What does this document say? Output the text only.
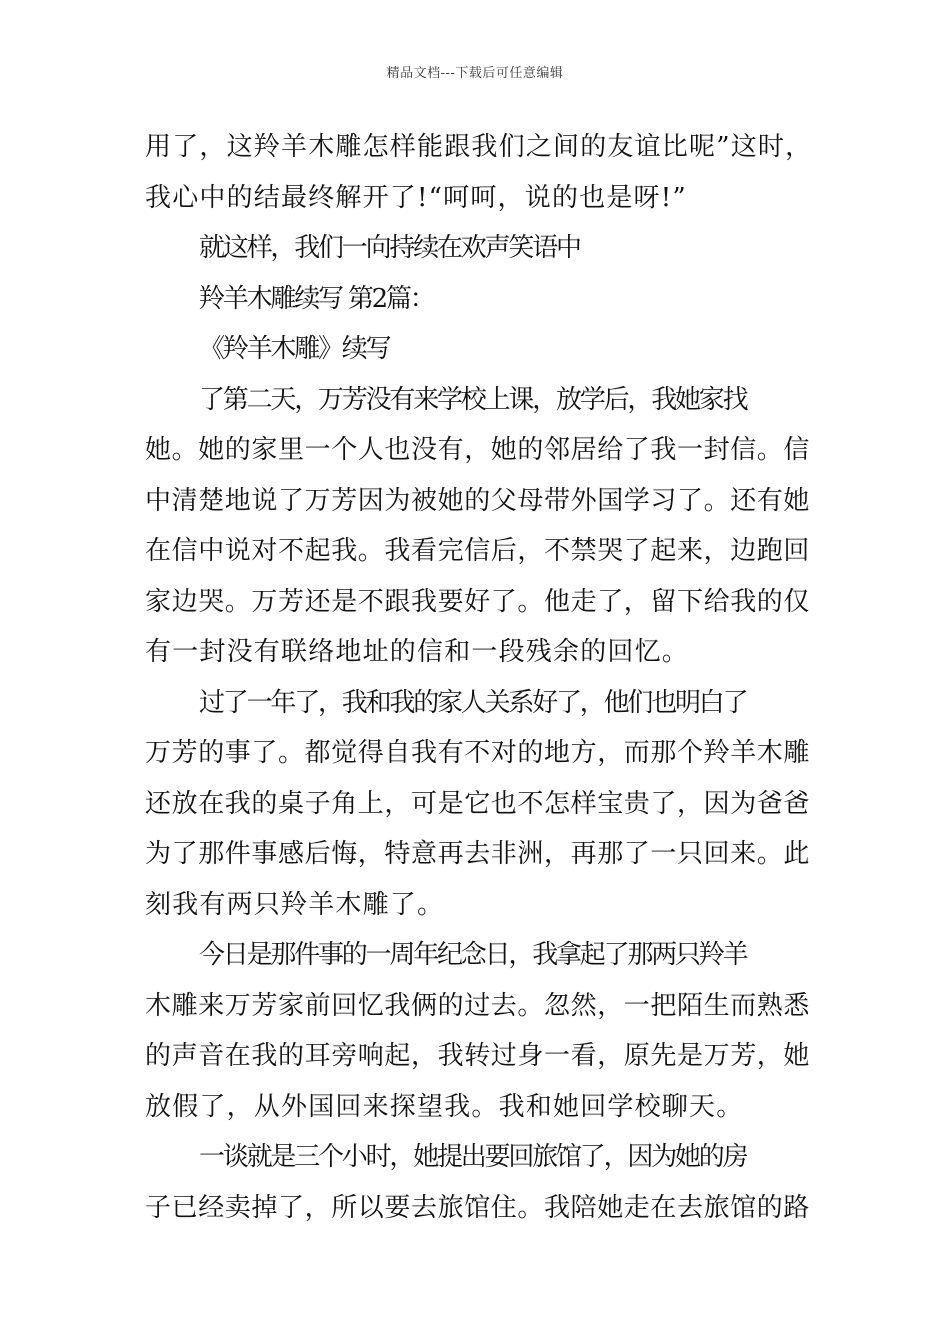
精品文档---下载后可任意编辑
用了，这羚羊木雕怎样能跟我们之间的友谊比呢”这时，
我心中的结最终解开了!“呵呵，说的也是呀!”
就这样，我们一向持续在欢声笑语中
羚羊木雕续写 第2篇：
《羚羊木雕》续写
了第二天，万芳没有来学校上课，放学后，我她家找
她。她的家里一个人也没有，她的邻居给了我一封信。信
中清楚地说了万芳因为被她的父母带外国学习了。还有她
在信中说对不起我。我看完信后，不禁哭了起来，边跑回
家边哭。万芳还是不跟我要好了。他走了，留下给我的仅
有一封没有联络地址的信和一段残余的回忆。
过了一年了，我和我的家人关系好了，他们也明白了
万芳的事了。都觉得自我有不对的地方，而那个羚羊木雕
还放在我的桌子角上，可是它也不怎样宝贵了，因为爸爸
为了那件事感后悔，特意再去非洲，再那了一只回来。此
刻我有两只羚羊木雕了。
今日是那件事的一周年纪念日，我拿起了那两只羚羊
木雕来万芳家前回忆我俩的过去。忽然，一把陌生而熟悉
的声音在我的耳旁响起，我转过身一看，原先是万芳，她
放假了，从外国回来探望我。我和她回学校聊天。
一谈就是三个小时，她提出要回旅馆了，因为她的房
子已经卖掉了，所以要去旅馆住。我陪她走在去旅馆的路
